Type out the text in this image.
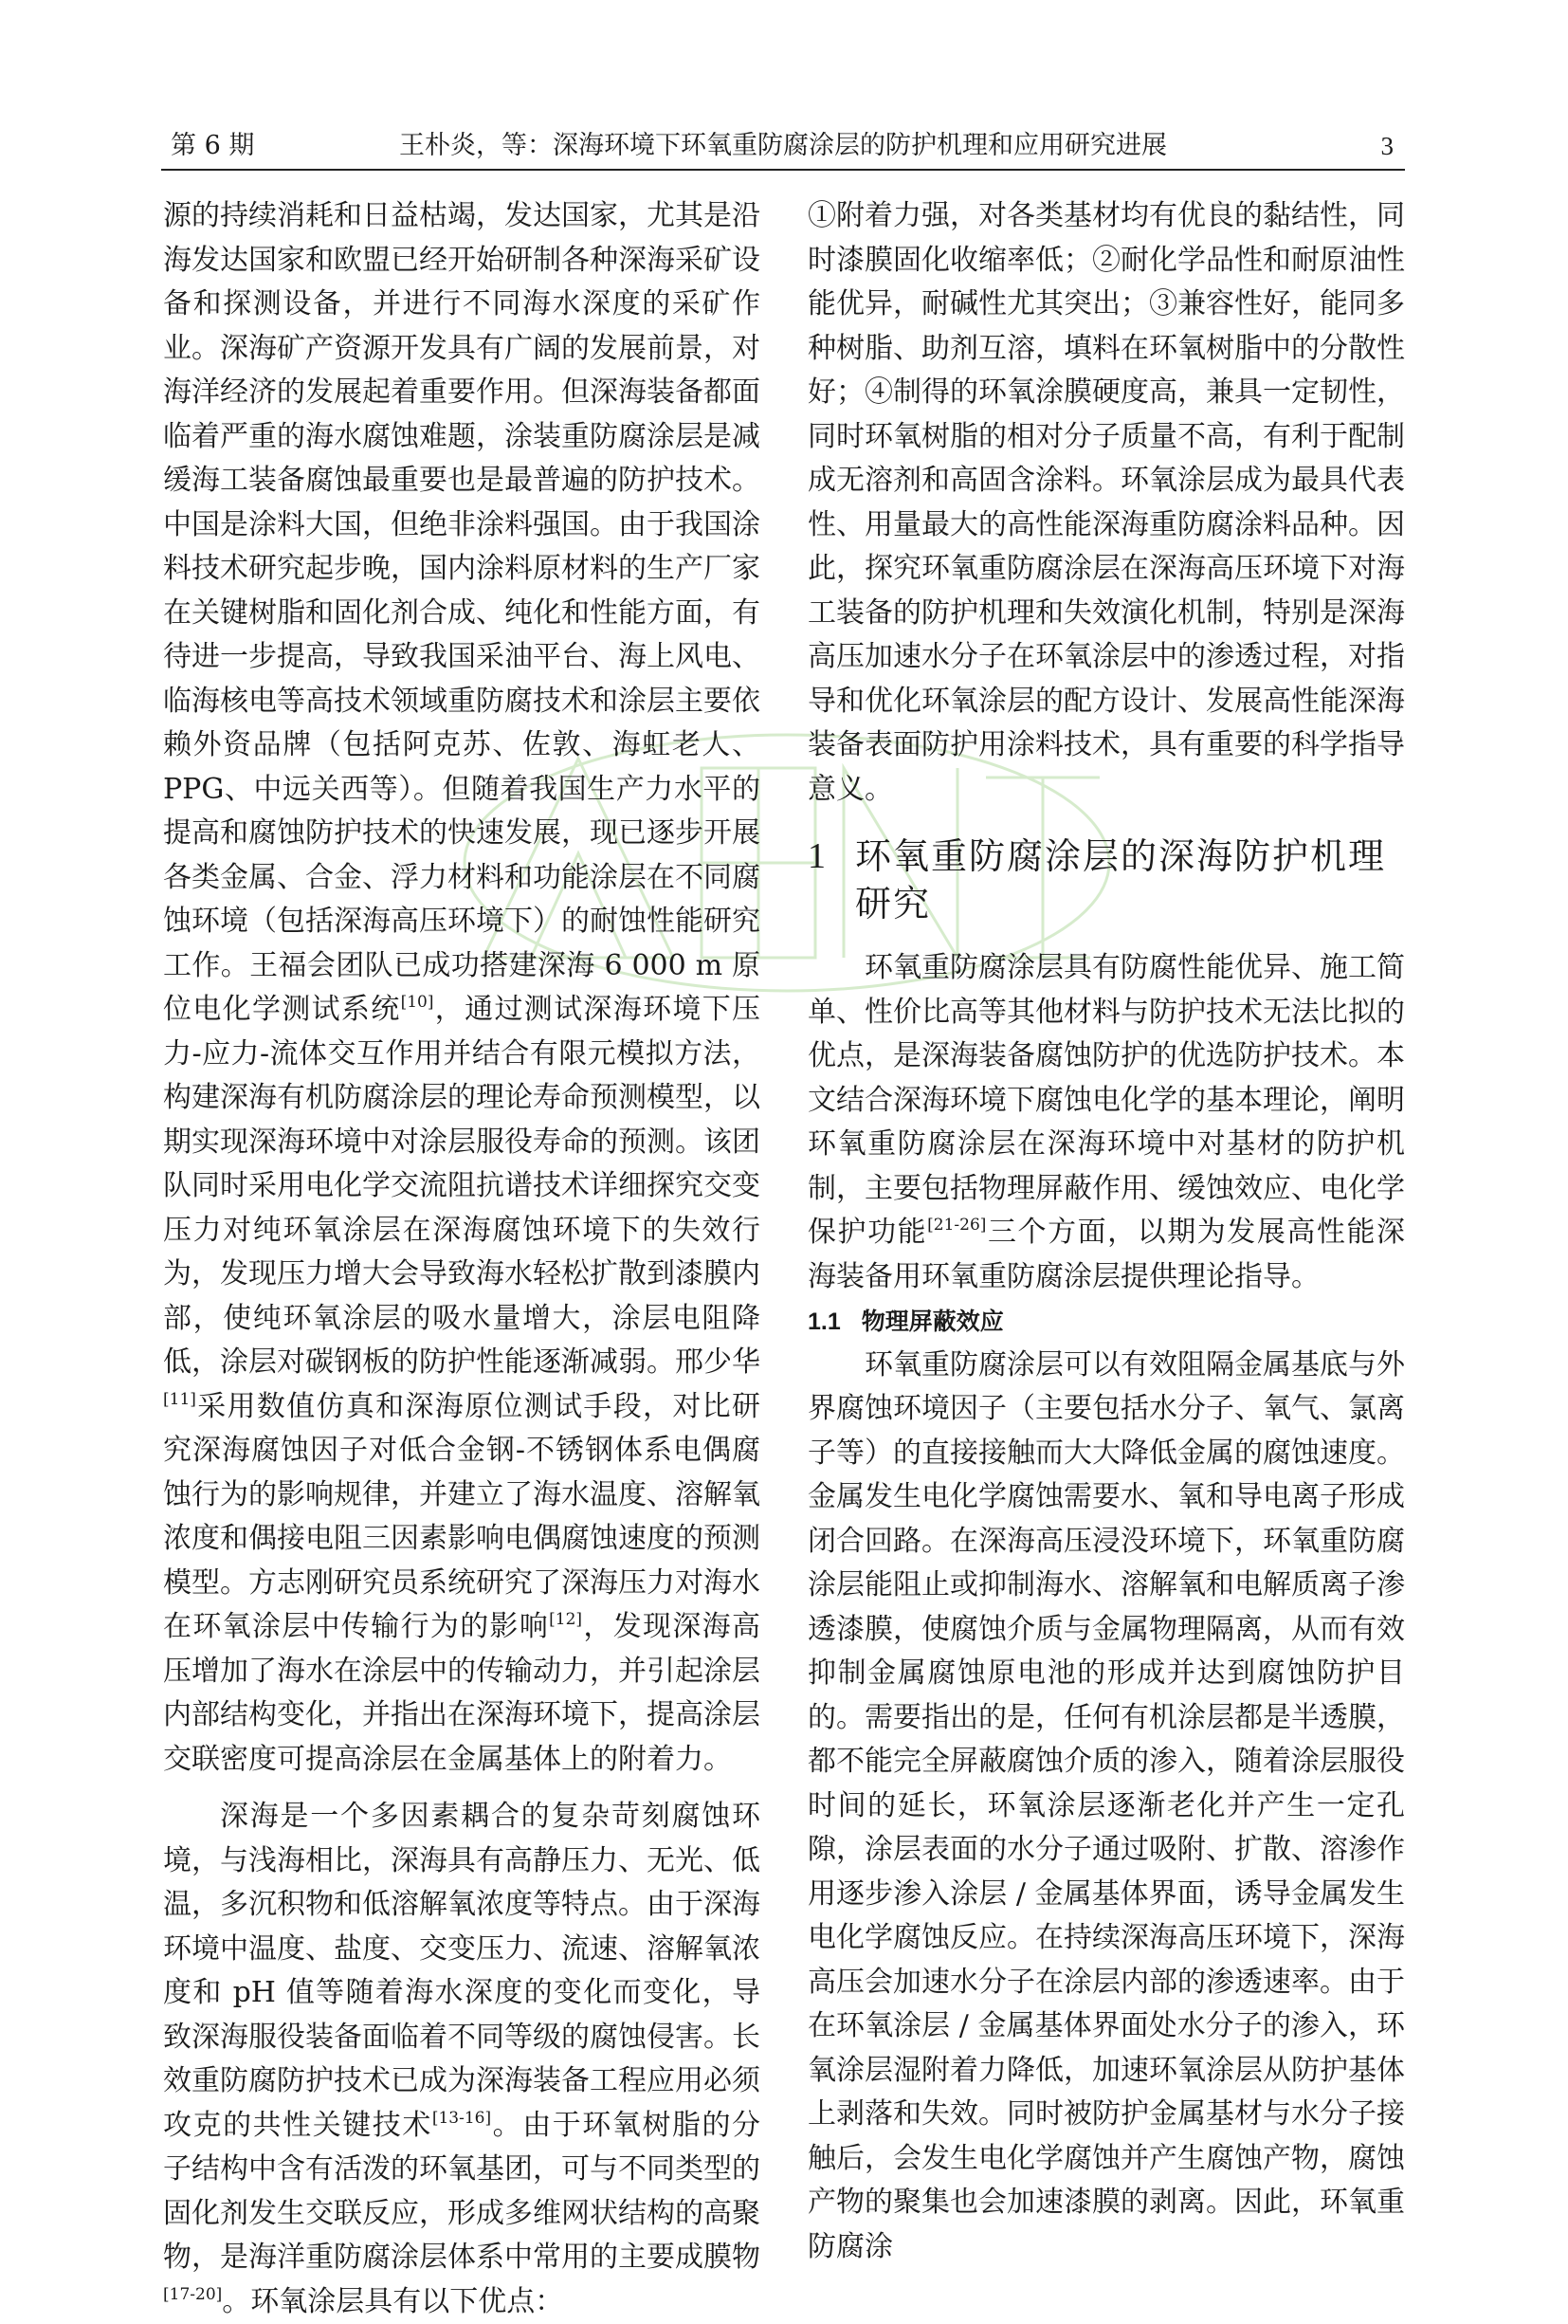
第 6 期	王朴炎，等：深海环境下环氧重防腐涂层的防护机理和应用研究进展	3

源的持续消耗和日益枯竭，发达国家，尤其是沿海发达国家和欧盟已经开始研制各种深海采矿设备和探测设备，并进行不同海水深度的采矿作业。深海矿产资源开发具有广阔的发展前景，对海洋经济的发展起着重要作用。但深海装备都面临着严重的海水腐蚀难题，涂装重防腐涂层是减缓海工装备腐蚀最重要也是最普遍的防护技术。中国是涂料大国，但绝非涂料强国。由于我国涂料技术研究起步晚，国内涂料原材料的生产厂家在关键树脂和固化剂合成、纯化和性能方面，有待进一步提高，导致我国采油平台、海上风电、临海核电等高技术领域重防腐技术和涂层主要依赖外资品牌（包括阿克苏、佐敦、海虹老人、PPG、中远关西等）。但随着我国生产力水平的提高和腐蚀防护技术的快速发展，现已逐步开展各类金属、合金、浮力材料和功能涂层在不同腐蚀环境（包括深海高压环境下）的耐蚀性能研究工作。王福会团队已成功搭建深海 6 000 m 原位电化学测试系统[10]，通过测试深海环境下压力-应力-流体交互作用并结合有限元模拟方法，构建深海有机防腐涂层的理论寿命预测模型，以期实现深海环境中对涂层服役寿命的预测。该团队同时采用电化学交流阻抗谱技术详细探究交变压力对纯环氧涂层在深海腐蚀环境下的失效行为，发现压力增大会导致海水轻松扩散到漆膜内部，使纯环氧涂层的吸水量增大，涂层电阻降低，涂层对碳钢板的防护性能逐渐减弱。邢少华[11]采用数值仿真和深海原位测试手段，对比研究深海腐蚀因子对低合金钢-不锈钢体系电偶腐蚀行为的影响规律，并建立了海水温度、溶解氧浓度和偶接电阻三因素影响电偶腐蚀速度的预测模型。方志刚研究员系统研究了深海压力对海水在环氧涂层中传输行为的影响[12]，发现深海高压增加了海水在涂层中的传输动力，并引起涂层内部结构变化，并指出在深海环境下，提高涂层交联密度可提高涂层在金属基体上的附着力。

深海是一个多因素耦合的复杂苛刻腐蚀环境，与浅海相比，深海具有高静压力、无光、低温，多沉积物和低溶解氧浓度等特点。由于深海环境中温度、盐度、交变压力、流速、溶解氧浓度和 pH 值等随着海水深度的变化而变化，导致深海服役装备面临着不同等级的腐蚀侵害。长效重防腐防护技术已成为深海装备工程应用必须攻克的共性关键技术[13-16]。由于环氧树脂的分子结构中含有活泼的环氧基团，可与不同类型的固化剂发生交联反应，形成多维网状结构的高聚物，是海洋重防腐涂层体系中常用的主要成膜物[17-20]。环氧涂层具有以下优点：

①附着力强，对各类基材均有优良的黏结性，同时漆膜固化收缩率低；②耐化学品性和耐原油性能优异，耐碱性尤其突出；③兼容性好，能同多种树脂、助剂互溶，填料在环氧树脂中的分散性好；④制得的环氧涂膜硬度高，兼具一定韧性，同时环氧树脂的相对分子质量不高，有利于配制成无溶剂和高固含涂料。环氧涂层成为最具代表性、用量最大的高性能深海重防腐涂料品种。因此，探究环氧重防腐涂层在深海高压环境下对海工装备的防护机理和失效演化机制，特别是深海高压加速水分子在环氧涂层中的渗透过程，对指导和优化环氧涂层的配方设计、发展高性能深海装备表面防护用涂料技术，具有重要的科学指导意义。

1 环氧重防腐涂层的深海防护机理研究

环氧重防腐涂层具有防腐性能优异、施工简单、性价比高等其他材料与防护技术无法比拟的优点，是深海装备腐蚀防护的优选防护技术。本文结合深海环境下腐蚀电化学的基本理论，阐明环氧重防腐涂层在深海环境中对基材的防护机制，主要包括物理屏蔽作用、缓蚀效应、电化学保护功能[21-26]三个方面，以期为发展高性能深海装备用环氧重防腐涂层提供理论指导。

1.1 物理屏蔽效应

环氧重防腐涂层可以有效阻隔金属基底与外界腐蚀环境因子（主要包括水分子、氧气、氯离子等）的直接接触而大大降低金属的腐蚀速度。金属发生电化学腐蚀需要水、氧和导电离子形成闭合回路。在深海高压浸没环境下，环氧重防腐涂层能阻止或抑制海水、溶解氧和电解质离子渗透漆膜，使腐蚀介质与金属物理隔离，从而有效抑制金属腐蚀原电池的形成并达到腐蚀防护目的。需要指出的是，任何有机涂层都是半透膜，都不能完全屏蔽腐蚀介质的渗入，随着涂层服役时间的延长，环氧涂层逐渐老化并产生一定孔隙，涂层表面的水分子通过吸附、扩散、溶渗作用逐步渗入涂层 / 金属基体界面，诱导金属发生电化学腐蚀反应。在持续深海高压环境下，深海高压会加速水分子在涂层内部的渗透速率。由于在环氧涂层 / 金属基体界面处水分子的渗入，环氧涂层湿附着力降低，加速环氧涂层从防护基体上剥落和失效。同时被防护金属基材与水分子接触后，会发生电化学腐蚀并产生腐蚀产物，腐蚀产物的聚集也会加速漆膜的剥离。因此，环氧重防腐涂
